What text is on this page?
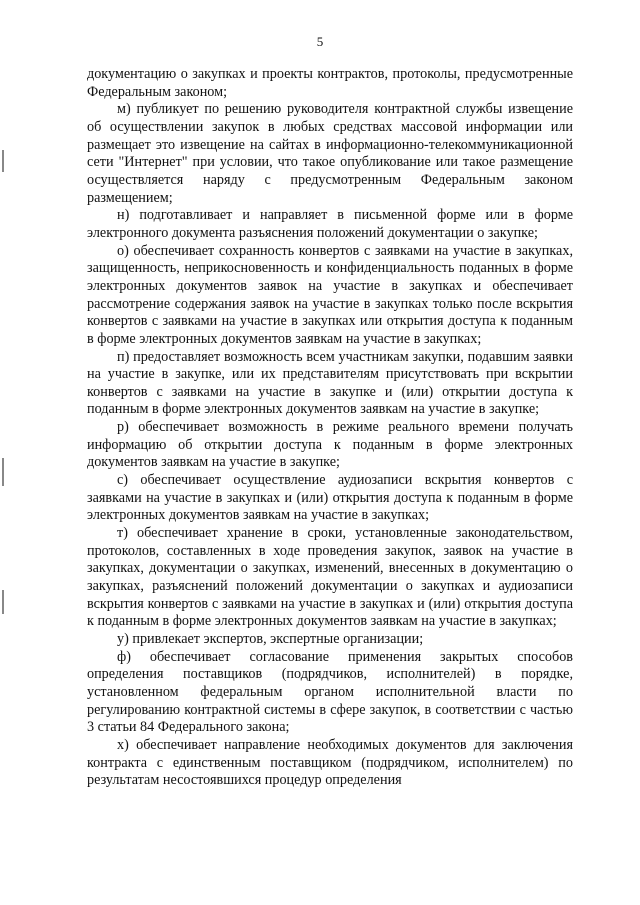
5

документацию о закупках и проекты контрактов, протоколы, предусмотренные Федеральным законом;

м) публикует по решению руководителя контрактной службы извещение об осуществлении закупок в любых средствах массовой информации или размещает это извещение на сайтах в информационно-телекоммуникационной сети "Интернет" при условии, что такое опубликование или такое размещение осуществляется наряду с предусмотренным Федеральным законом размещением;

н) подготавливает и направляет в письменной форме или в форме электронного документа разъяснения положений документации о закупке;

о) обеспечивает сохранность конвертов с заявками на участие в закупках, защищенность, неприкосновенность и конфиденциальность поданных в форме электронных документов заявок на участие в закупках и обеспечивает рассмотрение содержания заявок на участие в закупках только после вскрытия конвертов с заявками на участие в закупках или открытия доступа к поданным в форме электронных документов заявкам на участие в закупках;

п) предоставляет возможность всем участникам закупки, подавшим заявки на участие в закупке, или их представителям присутствовать при вскрытии конвертов с заявками на участие в закупке и (или) открытии доступа к поданным в форме электронных документов заявкам на участие в закупке;

р) обеспечивает возможность в режиме реального времени получать информацию об открытии доступа к поданным в форме электронных документов заявкам на участие в закупке;

с) обеспечивает осуществление аудиозаписи вскрытия конвертов с заявками на участие в закупках и (или) открытия доступа к поданным в форме электронных документов заявкам на участие в закупках;

т) обеспечивает хранение в сроки, установленные законодательством, протоколов, составленных в ходе проведения закупок, заявок на участие в закупках, документации о закупках, изменений, внесенных в документацию о закупках, разъяснений положений документации о закупках и аудиозаписи вскрытия конвертов с заявками на участие в закупках и (или) открытия доступа к поданным в форме электронных документов заявкам на участие в закупках;

у) привлекает экспертов, экспертные организации;

ф) обеспечивает согласование применения закрытых способов определения поставщиков (подрядчиков, исполнителей) в порядке, установленном федеральным органом исполнительной власти по регулированию контрактной системы в сфере закупок, в соответствии с частью 3 статьи 84 Федерального закона;

х) обеспечивает направление необходимых документов для заключения контракта с единственным поставщиком (подрядчиком, исполнителем) по результатам несостоявшихся процедур определения
